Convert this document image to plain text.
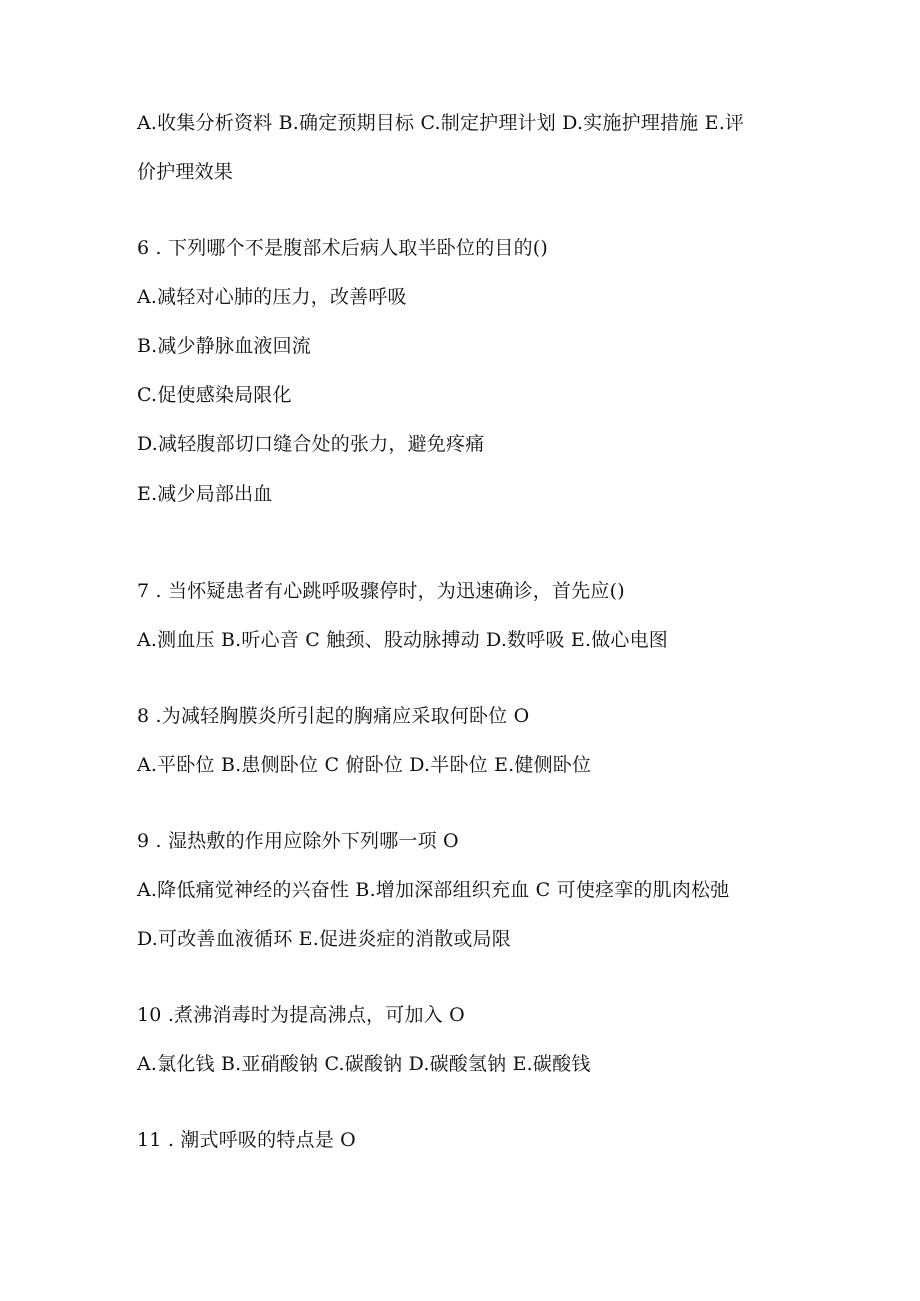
A.收集分析资料 B.确定预期目标 C.制定护理计划 D.实施护理措施 E.评
价护理效果
6 . 下列哪个不是腹部术后病人取半卧位的目的()
A.减轻对心肺的压力，改善呼吸
B.减少静脉血液回流
C.促使感染局限化
D.减轻腹部切口缝合处的张力，避免疼痛
E.减少局部出血
7 . 当怀疑患者有心跳呼吸骤停时，为迅速确诊，首先应()
A.测血压 B.听心音 C 触颈、股动脉搏动 D.数呼吸 E.做心电图
8 .为减轻胸膜炎所引起的胸痛应采取何卧位 O
A.平卧位 B.患侧卧位 C 俯卧位 D.半卧位 E.健侧卧位
9 . 湿热敷的作用应除外下列哪一项 O
A.降低痛觉神经的兴奋性 B.增加深部组织充血 C 可使痉挛的肌肉松弛
D.可改善血液循环 E.促进炎症的消散或局限
10 .煮沸消毒时为提高沸点，可加入 O
A.氯化钱 B.亚硝酸钠 C.碳酸钠 D.碳酸氢钠 E.碳酸钱
11 . 潮式呼吸的特点是 O
